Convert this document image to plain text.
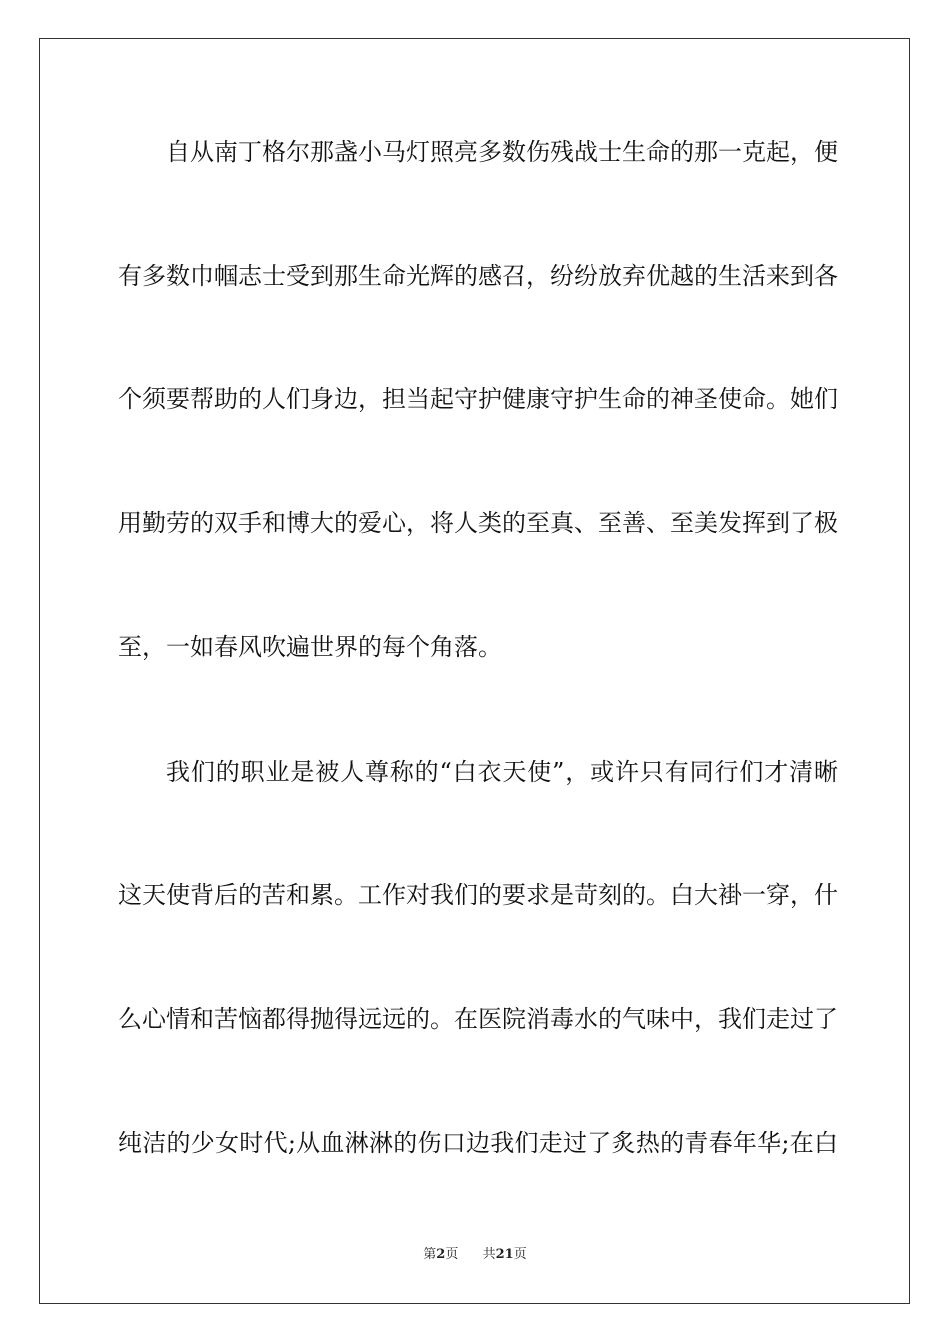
自从南丁格尔那盏小马灯照亮多数伤残战士生命的那一克起，便
有多数巾帼志士受到那生命光辉的感召，纷纷放弃优越的生活来到各
个须要帮助的人们身边，担当起守护健康守护生命的神圣使命。她们
用勤劳的双手和博大的爱心，将人类的至真、至善、至美发挥到了极
至，一如春风吹遍世界的每个角落。
我们的职业是被人尊称的“白衣天使”，或许只有同行们才清晰
这天使背后的苦和累。工作对我们的要求是苛刻的。白大褂一穿，什
么心情和苦恼都得抛得远远的。在医院消毒水的气味中，我们走过了
纯洁的少女时代;从血淋淋的伤口边我们走过了炙热的青春年华;在白
第2页 共21页
